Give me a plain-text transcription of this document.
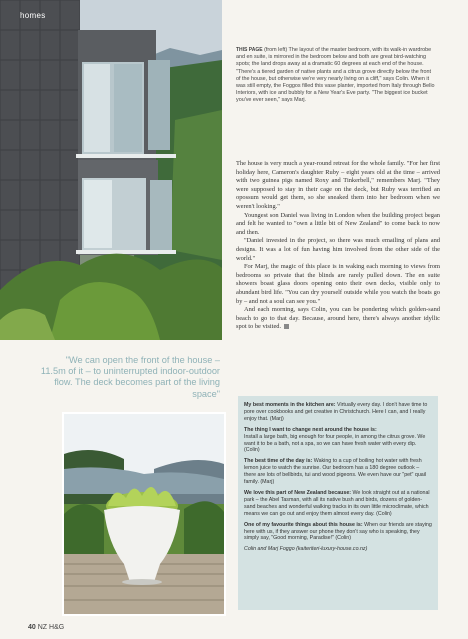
homes
THIS PAGE (from left) The layout of the master bedroom, with its walk-in wardrobe and en suite, is mirrored in the bedroom below and both are great bird-watching spots; the land drops away at a dramatic 60 degrees at each end of the house. "There's a tiered garden of native plants and a citrus grove directly below the front of the house, but otherwise we're very nearly living on a cliff," says Colin. When it was still empty, the Foggos filled this vase planter, imported from Italy through Bello Interiors, with ice and bubbly for a New Year's Eve party. "The biggest ice bucket you've ever seen," says Marj.

The house is very much a year-round retreat for the whole family. "For her first holiday here, Cameron's daughter Ruby – eight years old at the time – arrived with two guinea pigs named Roxy and Tinkerbell," remembers Marj. "They were supposed to stay in their cage on the deck, but Ruby was terrified an opossum would get them, so she sneaked them into her bedroom when we weren't looking."

Youngest son Daniel was living in London when the building project began and felt he wanted to "own a little bit of New Zealand" to come back to now and then.

"Daniel invested in the project, so there was much emailing of plans and designs. It was a lot of fun having him involved from the other side of the world."

For Marj, the magic of this place is in waking each morning to views from bedrooms so private that the blinds are rarely pulled down. The en suite showers boast glass doors opening onto their own decks, visible only to abundant bird life. "You can dry yourself outside while you watch the boats go by – and not a soul can see you."

And each morning, says Colin, you can be pondering which golden-sand beach to go to that day. Because, around here, there's always another idyllic spot to be visited.

"We can open the front of the house – 11.5m of it – to uninterrupted indoor-outdoor flow. The deck becomes part of the living space"
My best moments in the kitchen are: Virtually every day. I don't have time to pore over cookbooks and get creative in Christchurch. Here I can, and I really enjoy that. (Marj)
The thing I want to change next around the house is:
Install a large bath, big enough for four people, in among the citrus grove. We want it to be a bath, not a spa, so we can have fresh water with every dip. (Colin)
The best time of the day is: Waking to a cup of boiling hot water with fresh lemon juice to watch the sunrise. Our bedroom has a 180 degree outlook – there are lots of bellbirds, tui and wood pigeons. We even have our "pet" quail family. (Marj)
We love this part of New Zealand because: We look straight out at a national park – the Abel Tasman, with all its native bush and birds, dozens of golden-sand beaches and wonderful walking tracks in its own little microclimate, which means we can go out and enjoy them almost every day. (Colin)
One of my favourite things about this house is: When our friends are staying here with us, if they answer our phone they don't say who is speaking, they simply say, "Good morning, Paradise!" (Colin)
Colin and Marj Foggo (kaiteriteri-luxury-house.co.nz)
40 NZ H&G
